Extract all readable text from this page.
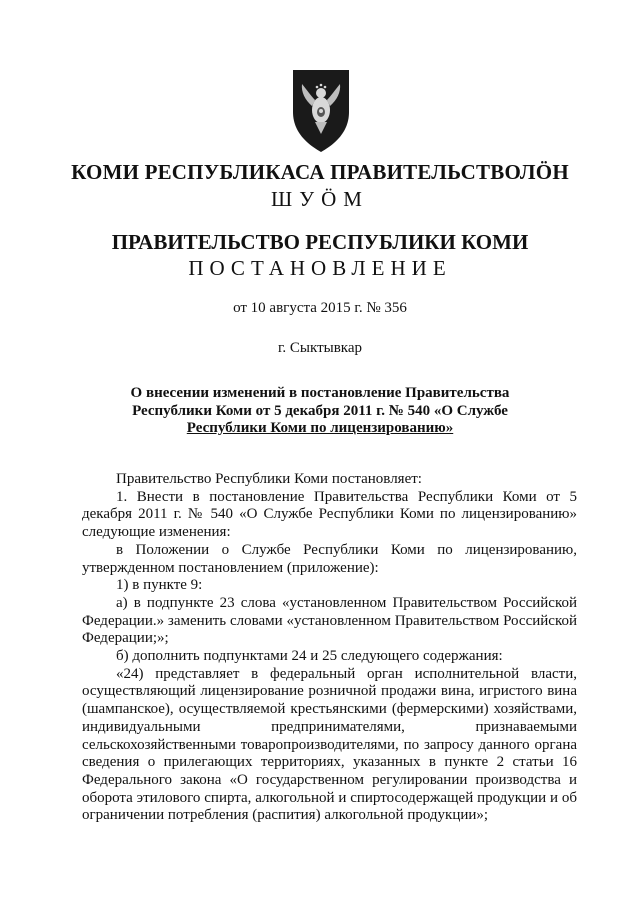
КОМИ РЕСПУБЛИКАСА ПРАВИТЕЛЬСТВОЛÖН
ШУÖМ
ПРАВИТЕЛЬСТВО РЕСПУБЛИКИ КОМИ
ПОСТАНОВЛЕНИЕ
от 10 августа 2015 г. № 356
г. Сыктывкар
О внесении изменений в постановление Правительства
Республики Коми от 5 декабря 2011 г. № 540 «О Службе
Республики Коми по лицензированию»

Правительство Республики Коми постановляет:

1. Внести в постановление Правительства Республики Коми от 5 декабря 2011 г. № 540 «О Службе Республики Коми по лицензированию» следующие изменения:

в Положении о Службе Республики Коми по лицензированию, утвержденном постановлением (приложение):

1) в пункте 9:

а) в подпункте 23 слова «установленном Правительством Российской Федерации.» заменить словами «установленном Правительством Российской Федерации;»;

б) дополнить подпунктами 24 и 25 следующего содержания:

«24) представляет в федеральный орган исполнительной власти, осуществляющий лицензирование розничной продажи вина, игристого вина (шампанское), осуществляемой крестьянскими (фермерскими) хозяйствами, индивидуальными предпринимателями, признаваемыми сельскохозяйственными товаропроизводителями, по запросу данного органа сведения о прилегающих территориях, указанных в пункте 2 статьи 16 Федерального закона «О государственном регулировании производства и оборота этилового спирта, алкогольной и спиртосодержащей продукции и об ограничении потребления (распития) алкогольной продукции»;
